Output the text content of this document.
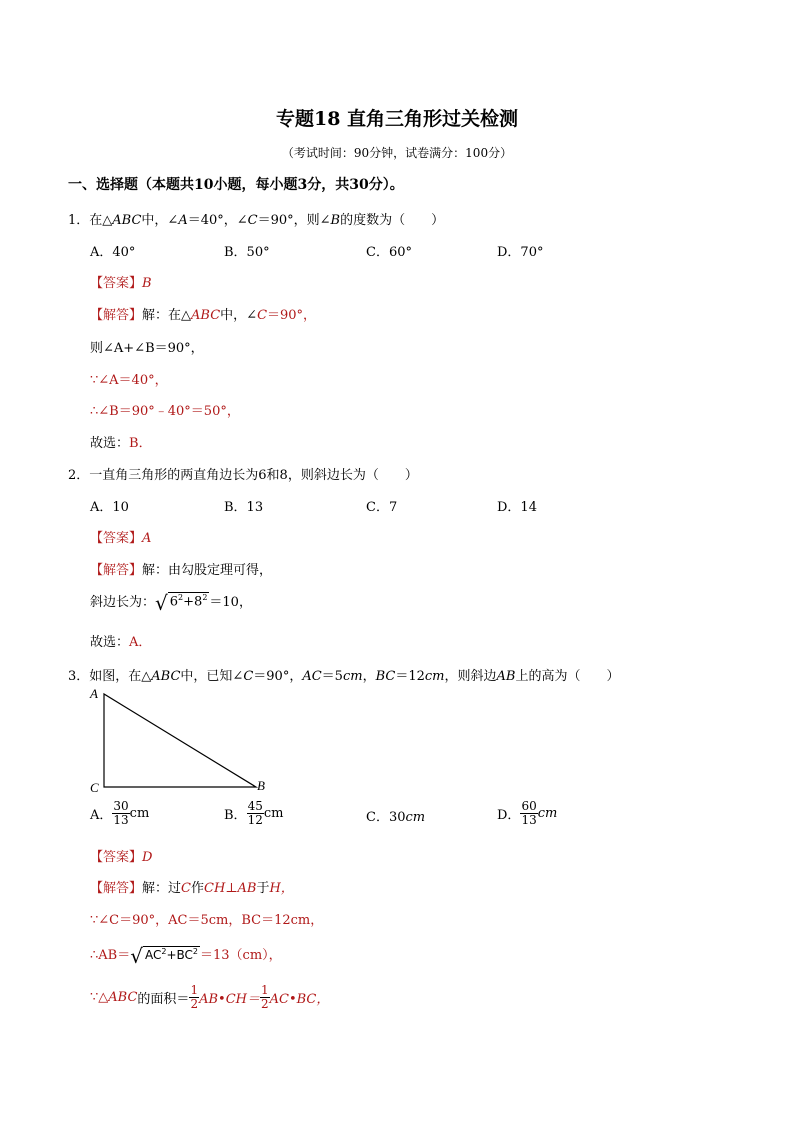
专题18 直角三角形过关检测
（考试时间：90分钟，试卷满分：100分）
一、选择题（本题共10小题，每小题3分，共30分）。
1．在△ABC中，∠A＝40°，∠C＝90°，则∠B的度数为（　　）
A．40°	B．50°	C．60°	D．70°
【答案】B
【解答】解：在△ABC中，∠C＝90°，
则∠A+∠B＝90°，
∵∠A＝40°，
∴∠B＝90°﹣40°＝50°，
故选：B．
2．一直角三角形的两直角边长为6和8，则斜边长为（　　）
A．10	B．13	C．7	D．14
【答案】A
【解答】解：由勾股定理可得，
斜边长为：√ $6^2+8^2 =10$，
故选：A．
3．如图，在△ABC中，已知∠C＝90°，AC＝5cm，BC＝12cm，则斜边AB上的高为（　　）
A
C	B
A． $\frac{30}{13}$ cm	B． $\frac{45}{12}$ cm	C．30cm	D． $\frac{60}{13}$ cm
【答案】D
【解答】解：过C作CH⊥AB于H，
∵∠C＝90°，AC＝5cm，BC＝12cm，
∴AB＝√ $AC^2+BC^2 =13(cm)$，
∵△ABC的面积＝ $\frac{1}{2}$ AB•CH＝ $\frac{1}{2}$ AC•BC，
